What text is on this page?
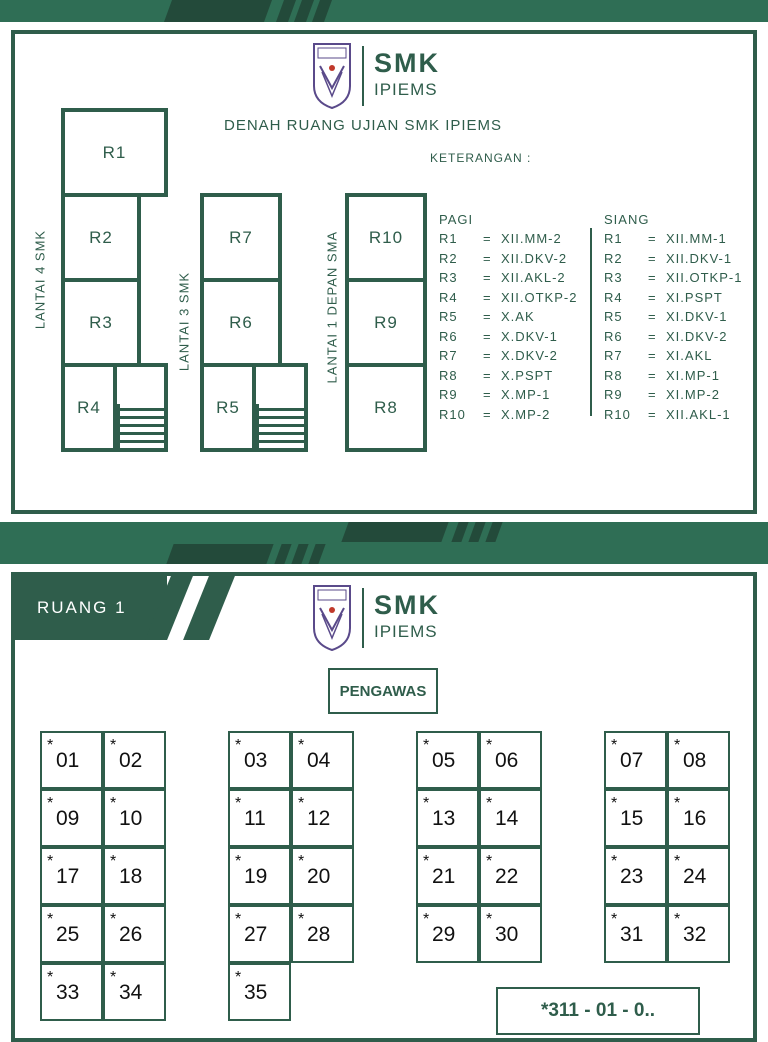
SMK
IPIEMS
DENAH RUANG UJIAN SMK IPIEMS
KETERANGAN :
LANTAI 4 SMK	LANTAI 3 SMK	LANTAI 1 DEPAN SMA
R1
R2
R3
R4
R7
R6
R5
R10
R9
R8
PAGI
R1	= XII.MM-2
R2	= XII.DKV-2
R3	= XII.AKL-2
R4	= XII.OTKP-2
R5	= X.AK
R6	= X.DKV-1
R7	= X.DKV-2
R8	= X.PSPT
R9	= X.MP-1
R10	= X.MP-2
SIANG
R1	= XII.MM-1
R2	= XII.DKV-1
R3	= XII.OTKP-1
R4	= XI.PSPT
R5	= XI.DKV-1
R6	= XI.DKV-2
R7	= XI.AKL
R8	= XI.MP-1
R9	= XI.MP-2
R10	= XII.AKL-1
RUANG 1	SMK
IPIEMS
PENGAWAS
*
01
*
02
*
09
*
10
*
17
*
18
*
25
*
26
*
33
*
34
*
03
*
04
*
11
*
12
*
19
*
20
*
27
*
28
*
35
*
05
*
06
*
13
*
14
*
21
*
22
*
29
*
30
*
07
*
08
*
15
*
16
*
23
*
24
*
31
*
32
*311 - 01 - 0..
